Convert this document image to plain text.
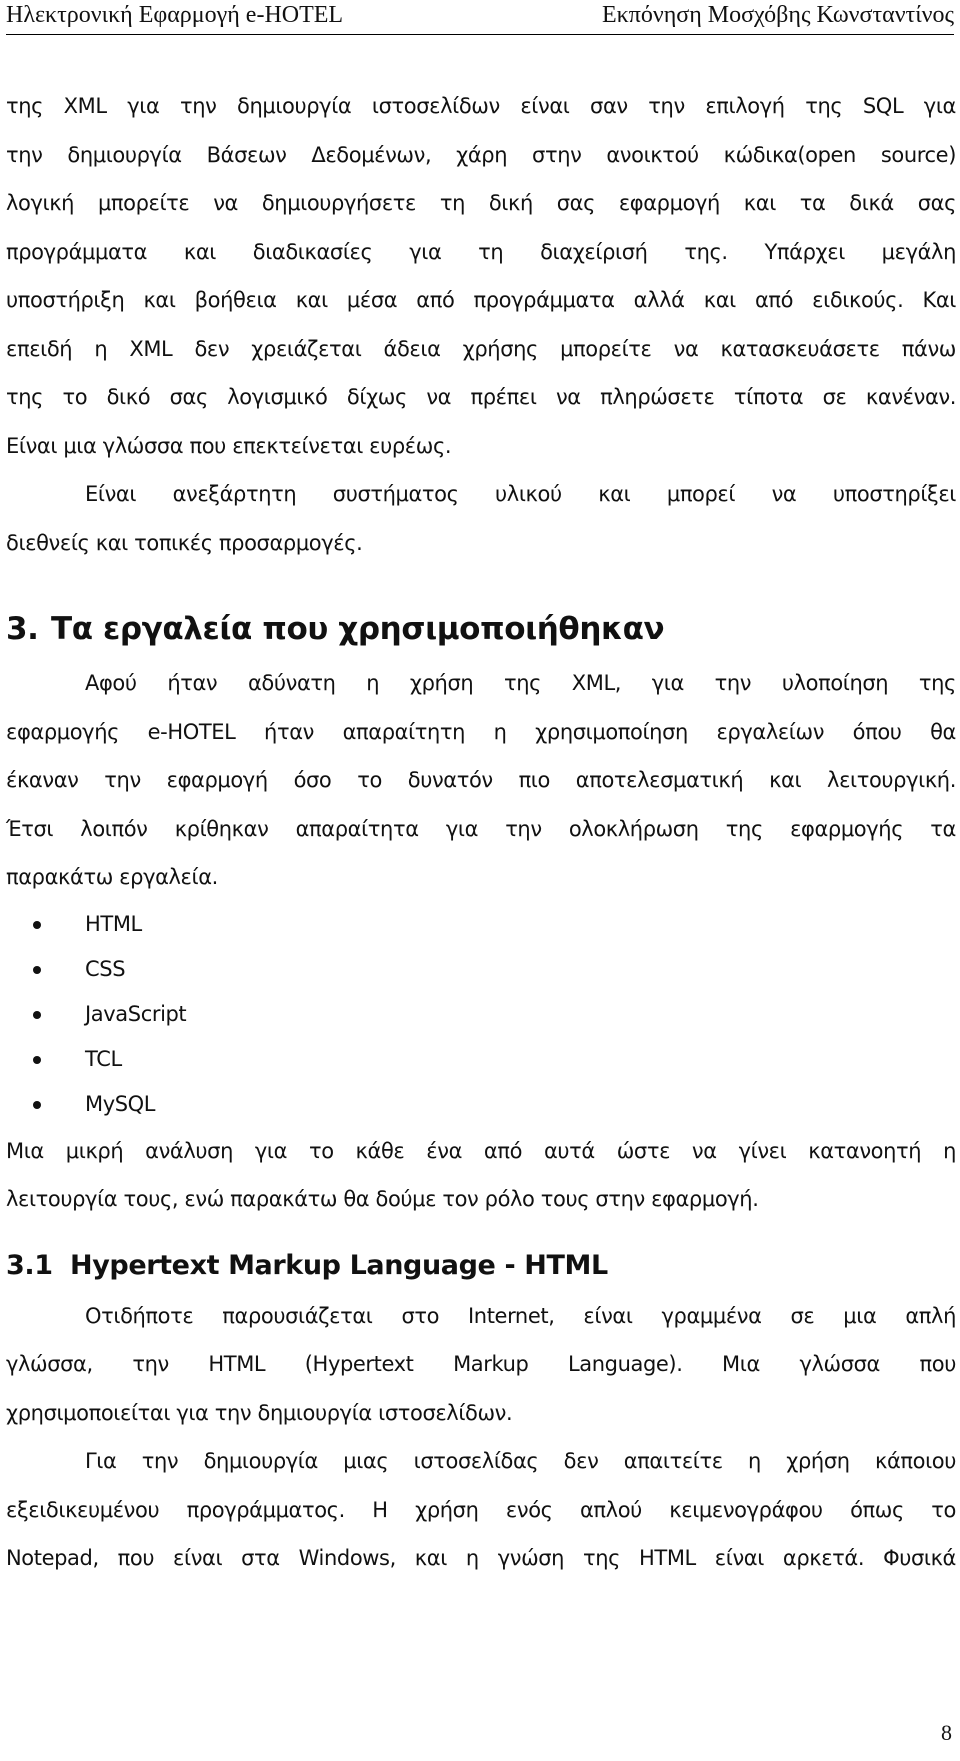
Ηλεκτρονική Εφαρμογή e-HOTEL	Εκπόνηση Μοσχόβης Κωνσταντίνος
της XML για την δημιουργία ιστοσελίδων είναι σαν την επιλογή της SQL για
την δημιουργία Βάσεων Δεδομένων, χάρη στην ανοικτού κώδικα(open source)
λογική μπορείτε να δημιουργήσετε τη δική σας εφαρμογή και τα δικά σας
προγράμματα και διαδικασίες για τη διαχείρισή της. Υπάρχει μεγάλη
υποστήριξη και βοήθεια και μέσα από προγράμματα αλλά και από ειδικούς. Και
επειδή η XML δεν χρειάζεται άδεια χρήσης μπορείτε να κατασκευάσετε πάνω
της το δικό σας λογισμικό δίχως να πρέπει να πληρώσετε τίποτα σε κανέναν.
Είναι μια γλώσσα που επεκτείνεται ευρέως.
Είναι ανεξάρτητη συστήματος υλικού και μπορεί να υποστηρίξει
διεθνείς και τοπικές προσαρμογές.
3. Τα εργαλεία που χρησιμοποιήθηκαν
Αφού ήταν αδύνατη η χρήση της XML, για την υλοποίηση της
εφαρμογής e-HOTEL ήταν απαραίτητη η χρησιμοποίηση εργαλείων όπου θα
έκαναν την εφαρμογή όσο το δυνατόν πιο αποτελεσματική και λειτουργική.
Έτσι λοιπόν κρίθηκαν απαραίτητα για την ολοκλήρωση της εφαρμογής τα
παρακάτω εργαλεία.
HTML
CSS
JavaScript
TCL
MySQL
Μια μικρή ανάλυση για το κάθε ένα από αυτά ώστε να γίνει κατανοητή η
λειτουργία τους, ενώ παρακάτω θα δούμε τον ρόλο τους στην εφαρμογή.
3.1 Hypertext Markup Language - HTML
Οτιδήποτε παρουσιάζεται στο Internet, είναι γραμμένα σε μια απλή
γλώσσα, την HTML (Hypertext Markup Language). Μια γλώσσα που
χρησιμοποιείται για την δημιουργία ιστοσελίδων.
Για την δημιουργία μιας ιστοσελίδας δεν απαιτείτε η χρήση κάποιου
εξειδικευμένου προγράμματος. Η χρήση ενός απλού κειμενογράφου όπως το
Notepad, που είναι στα Windows, και η γνώση της HTML είναι αρκετά. Φυσικά
8
